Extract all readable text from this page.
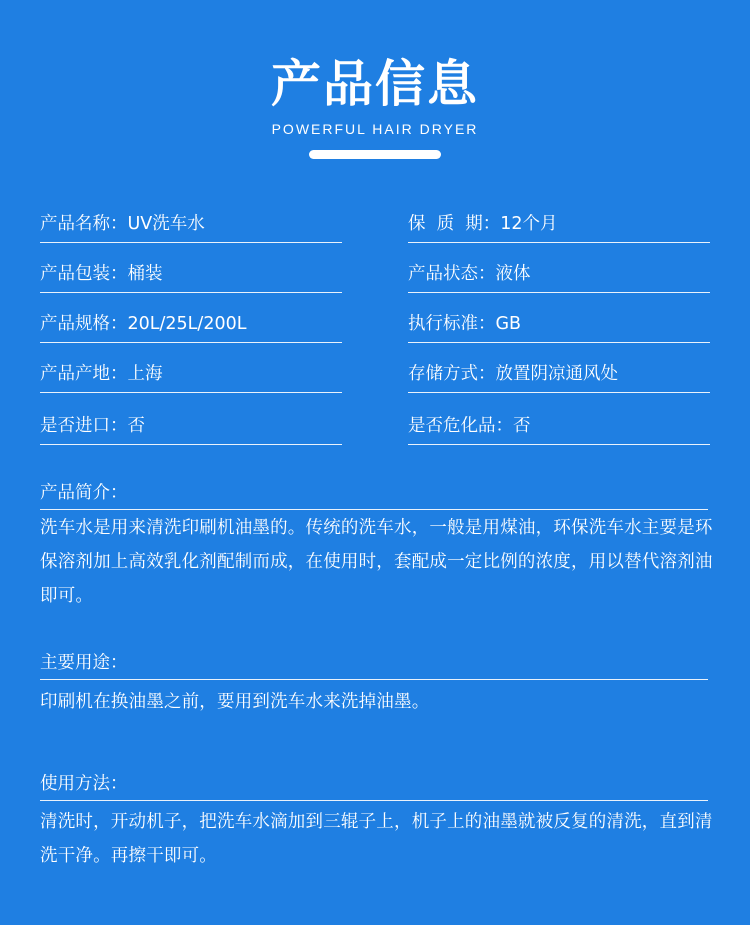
产品信息
POWERFUL HAIR DRYER
产品名称：UV洗车水	保  质  期：12个月
产品包装：桶装	产品状态：液体
产品规格：20L/25L/200L	执行标准：GB
产品产地：上海	存储方式：放置阴凉通风处
是否进口：否	是否危化品：否
产品简介：
洗车水是用来清洗印刷机油墨的。传统的洗车水，一般是用煤油，环保洗车水主要是环保溶剂加上高效乳化剂配制而成，在使用时，套配成一定比例的浓度，用以替代溶剂油即可。
主要用途：
印刷机在换油墨之前，要用到洗车水来洗掉油墨。
使用方法：
清洗时，开动机子，把洗车水滴加到三辊子上，机子上的油墨就被反复的清洗，直到清洗干净。再擦干即可。
